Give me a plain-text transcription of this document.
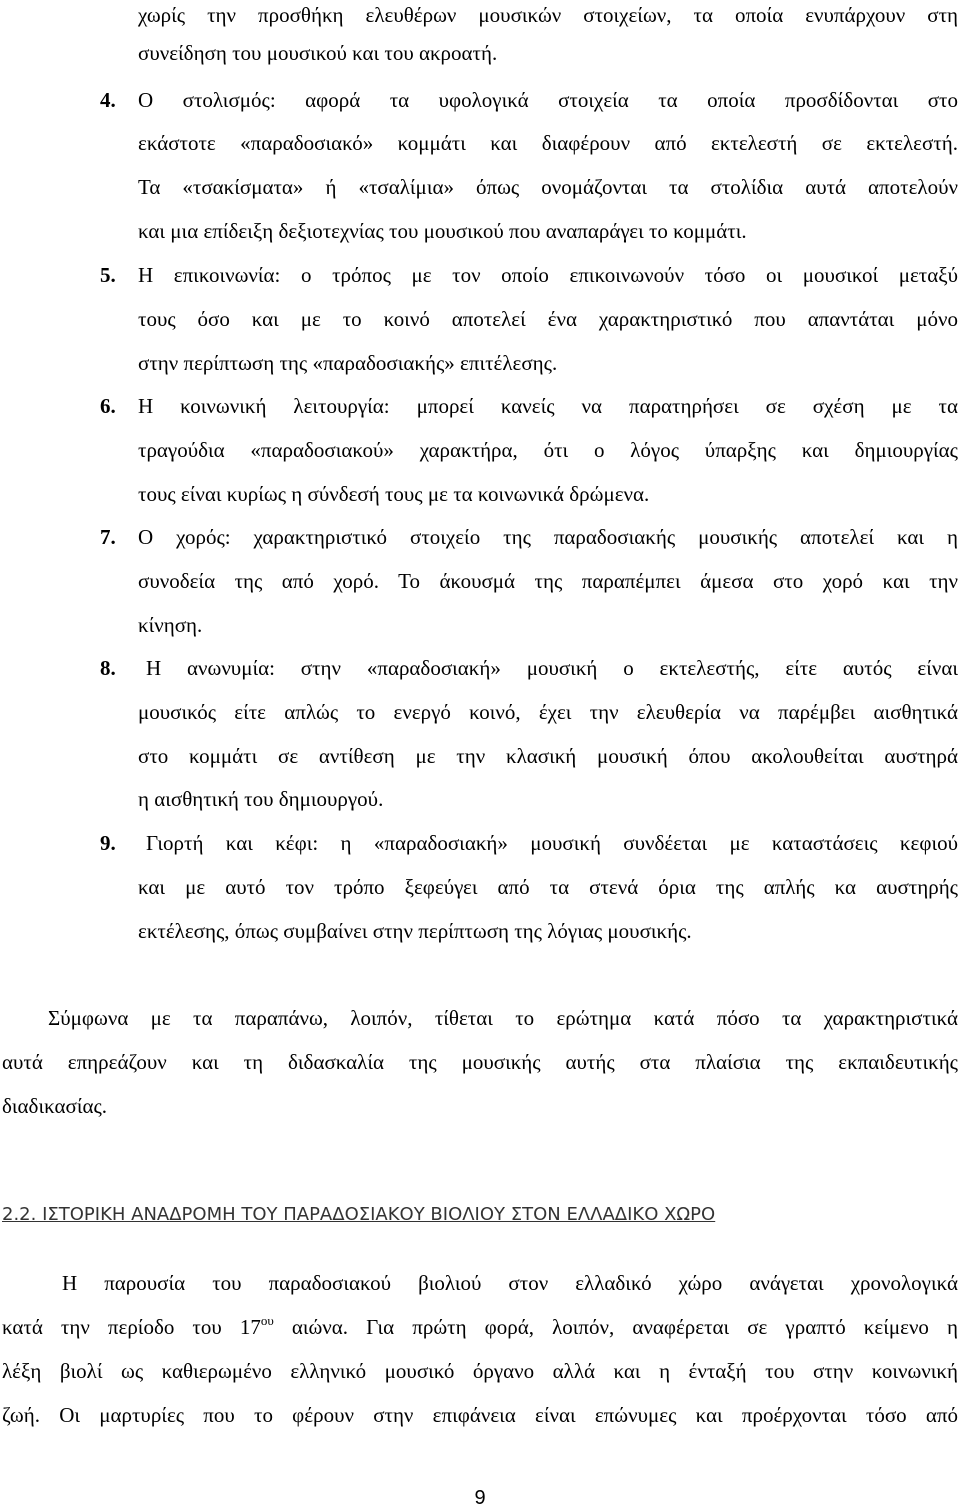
χωρίς την προσθήκη ελευθέρων μουσικών στοιχείων, τα οποία ενυπάρχουν στη
συνείδηση του μουσικού και του ακροατή.
4. Ο στολισμός: αφορά τα υφολογικά στοιχεία τα οποία προσδίδονται στο
εκάστοτε «παραδοσιακό» κομμάτι και διαφέρουν από εκτελεστή σε εκτελεστή.
Τα «τσακίσματα» ή «τσαλίμια» όπως ονομάζονται τα στολίδια αυτά αποτελούν
και μια επίδειξη δεξιοτεχνίας του μουσικού που αναπαράγει το κομμάτι.
5. Η επικοινωνία: ο τρόπος με τον οποίο επικοινωνούν τόσο οι μουσικοί μεταξύ
τους όσο και με το κοινό αποτελεί ένα χαρακτηριστικό που απαντάται μόνο
στην περίπτωση της «παραδοσιακής» επιτέλεσης.
6. Η κοινωνική λειτουργία: μπορεί κανείς να παρατηρήσει σε σχέση με τα
τραγούδια «παραδοσιακού» χαρακτήρα, ότι ο λόγος ύπαρξης και δημιουργίας
τους είναι κυρίως η σύνδεσή τους με τα κοινωνικά δρώμενα.
7. Ο χορός: χαρακτηριστικό στοιχείο της παραδοσιακής μουσικής αποτελεί και η
συνοδεία της από χορό. Το άκουσμά της παραπέμπει άμεσα στο χορό και την
κίνηση.
8. Η ανωνυμία: στην «παραδοσιακή» μουσική ο εκτελεστής, είτε αυτός είναι
μουσικός είτε απλώς το ενεργό κοινό, έχει την ελευθερία να παρέμβει αισθητικά
στο κομμάτι σε αντίθεση με την κλασική μουσική όπου ακολουθείται αυστηρά
η αισθητική του δημιουργού.
9. Γιορτή και κέφι: η «παραδοσιακή» μουσική συνδέεται με καταστάσεις κεφιού
και με αυτό τον τρόπο ξεφεύγει από τα στενά όρια της απλής κα αυστηρής
εκτέλεσης, όπως συμβαίνει στην περίπτωση της λόγιας μουσικής.
Σύμφωνα με τα παραπάνω, λοιπόν, τίθεται το ερώτημα κατά πόσο τα χαρακτηριστικά
αυτά επηρεάζουν και τη διδασκαλία της μουσικής αυτής στα πλαίσια της εκπαιδευτικής
διαδικασίας.
2.2. ΙΣΤΟΡΙΚΗ ΑΝΑΔΡΟΜΗ ΤΟΥ ΠΑΡΑΔΟΣΙΑΚΟΥ ΒΙΟΛΙΟΥ ΣΤΟΝ ΕΛΛΑΔΙΚΟ ΧΩΡΟ
Η παρουσία του παραδοσιακού βιολιού στον ελλαδικό χώρο ανάγεται χρονολογικά
κατά την περίοδο του $17^{o\upsilon}$ αιώνα. Για πρώτη φορά, λοιπόν, αναφέρεται σε γραπτό κείμενο η
λέξη βιολί ως καθιερωμένο ελληνικό μουσικό όργανο αλλά και η ένταξή του στην κοινωνική
ζωή. Οι μαρτυρίες που το φέρουν στην επιφάνεια είναι επώνυμες και προέρχονται τόσο από
9
